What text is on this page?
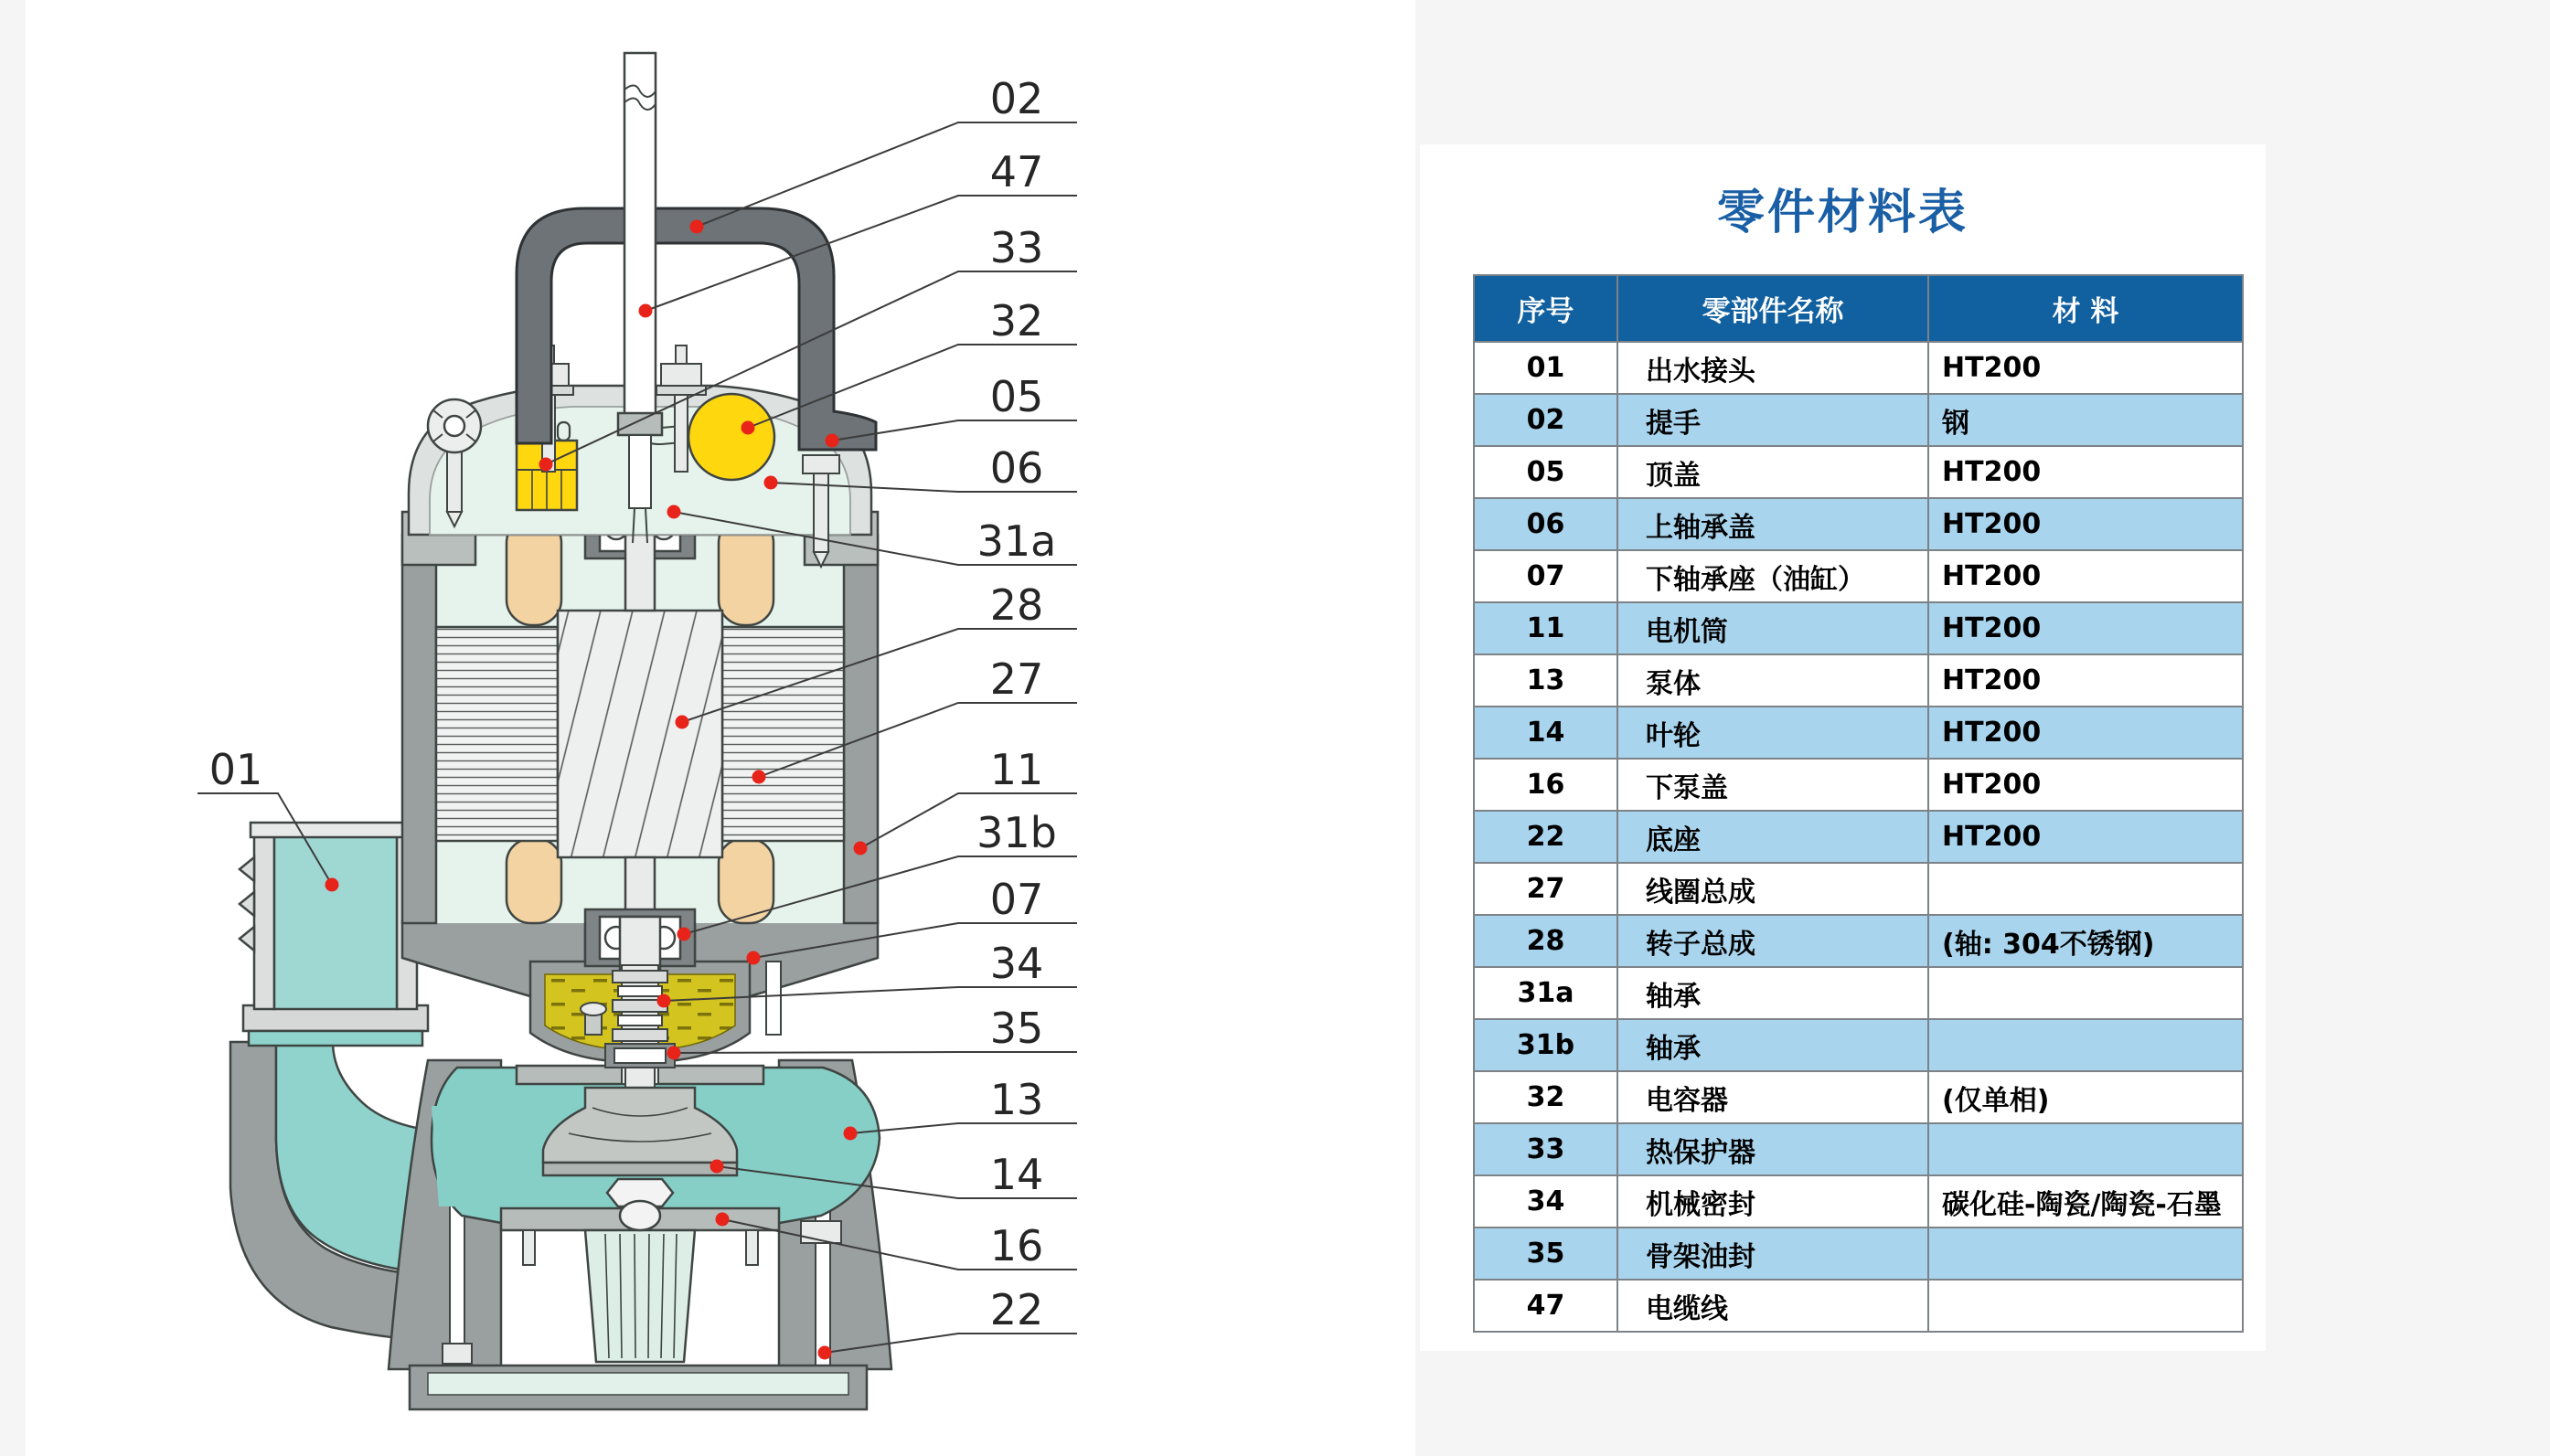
02
47
33
32
05
06
31a
28
27
11
31b
07
34
35
13
14
16
22
01
零件材料表
序号	零部件名称	材 料
01	出水接头	HT200
02	提手	钢
05	顶盖	HT200
06	上轴承盖	HT200
07	下轴承座（油缸）	HT200
11	电机筒	HT200
13	泵体	HT200
14	叶轮	HT200
16	下泵盖	HT200
22	底座	HT200
27	线圈总成	
28	转子总成	(轴: 304不锈钢)
31a	轴承	
31b	轴承	
32	电容器	(仅单相)
33	热保护器	
34	机械密封	碳化硅-陶瓷/陶瓷-石墨
35	骨架油封	
47	电缆线	
